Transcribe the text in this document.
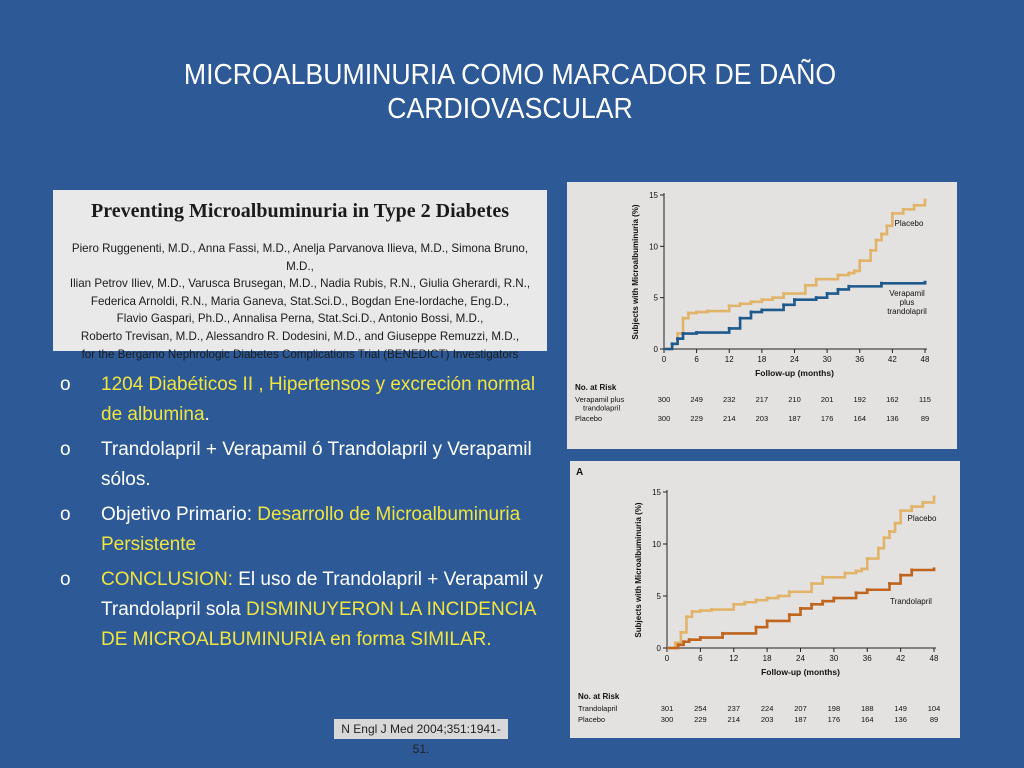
MICROALBUMINURIA COMO MARCADOR DE DAÑO
CARDIOVASCULAR
Preventing Microalbuminuria in Type 2 Diabetes
Piero Ruggenenti, M.D., Anna Fassi, M.D., Anelja Parvanova Ilieva, M.D., Simona Bruno, M.D.,
Ilian Petrov Iliev, M.D., Varusca Brusegan, M.D., Nadia Rubis, R.N., Giulia Gherardi, R.N.,
Federica Arnoldi, R.N., Maria Ganeva, Stat.Sci.D., Bogdan Ene-Iordache, Eng.D.,
Flavio Gaspari, Ph.D., Annalisa Perna, Stat.Sci.D., Antonio Bossi, M.D.,
Roberto Trevisan, M.D., Alessandro R. Dodesini, M.D., and Giuseppe Remuzzi, M.D.,
for the Bergamo Nephrologic Diabetes Complications Trial (BENEDICT) Investigators
o 1204 Diabéticos II , Hipertensos y excreción normal de albumina.
o Trandolapril + Verapamil ó Trandolapril y Verapamil sólos.
o Objetivo Primario: Desarrollo de Microalbuminuria Persistente
o CONCLUSION: El uso de Trandolapril + Verapamil y Trandolapril sola DISMINUYERON LA INCIDENCIA DE MICROALBUMINURIA en forma SIMILAR.
N Engl J Med 2004;351:1941-51.
0
5
10
15
0	6	12	18	24	30	36	42	48
Follow-up (months)
Subjects with Microalbuminuria (%)	Placebo
Verapamil plus trandolapril
No. at Risk
Verapamil plus
trandolapril
300	249	232	217	210	201	192	162	115
Placebo	300	229	214	203	187	176	164	136	89
A
0
5
10
15
0	6	12	18	24	30	36	42	48
Follow-up (months)
Subjects with Microalbuminuria (%)	Placebo
Trandolapril
No. at Risk
Trandolapril	301	254	237	224	207	198	188	149	104
Placebo	300	229	214	203	187	176	164	136	89
